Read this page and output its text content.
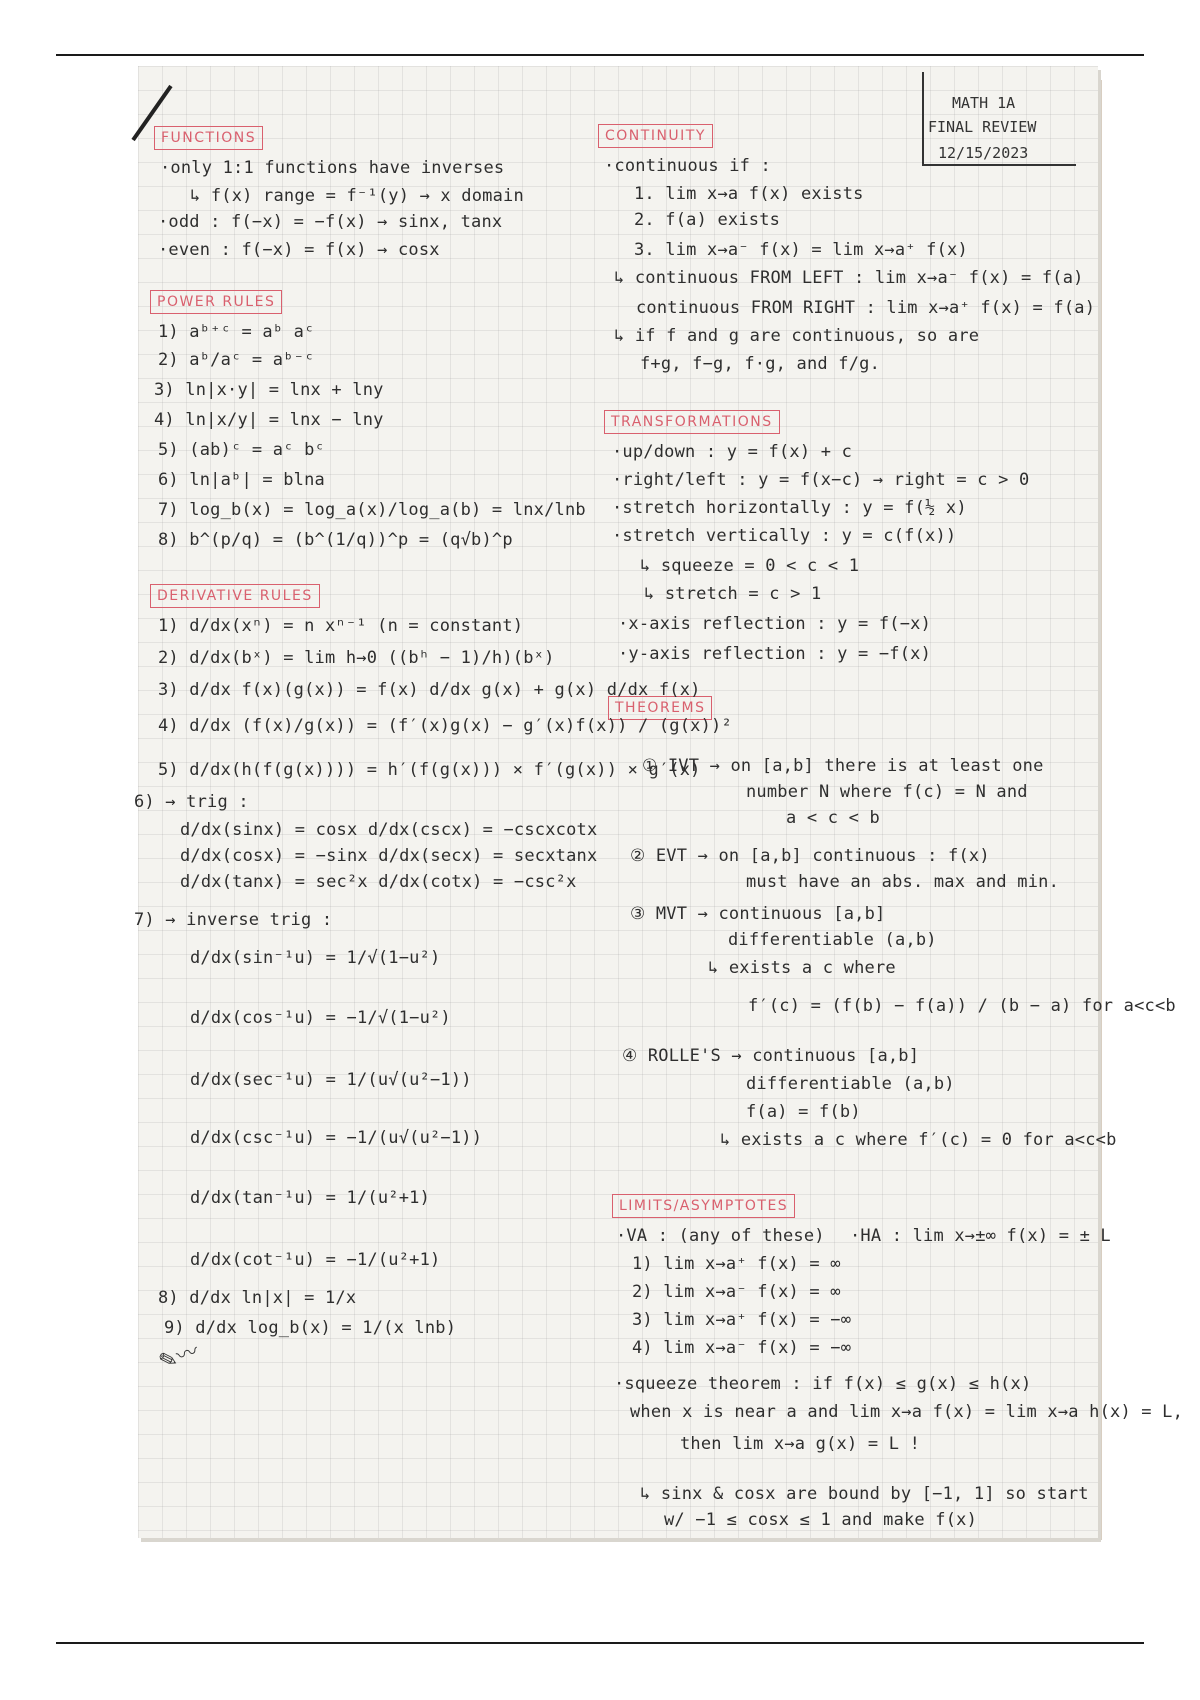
MATH 1A
FINAL REVIEW
12/15/2023
FUNCTIONS
POWER RULES
DERIVATIVE RULES
CONTINUITY
TRANSFORMATIONS
THEOREMS
LIMITS/ASYMPTOTES
·only 1:1 functions have inverses
↳ f(x) range = f⁻¹(y) → x domain
·odd : f(−x) = −f(x) → sinx, tanx
·even : f(−x) = f(x) → cosx
1) aᵇ⁺ᶜ = aᵇ aᶜ
2) aᵇ/aᶜ = aᵇ⁻ᶜ
3) ln|x·y| = lnx + lny
4) ln|x/y| = lnx − lny
5) (ab)ᶜ = aᶜ bᶜ
6) ln|aᵇ| = blna
7) log_b(x) = log_a(x)/log_a(b) = lnx/lnb
8) b^(p/q) = (b^(1/q))^p = (q√b)^p
1) d/dx(xⁿ) = n xⁿ⁻¹ (n = constant)
2) d/dx(bˣ) = lim h→0 ((bʰ − 1)/h)(bˣ)
3) d/dx f(x)(g(x)) = f(x) d/dx g(x) + g(x) d/dx f(x)
4) d/dx (f(x)/g(x)) = (f′(x)g(x) − g′(x)f(x)) / (g(x))²
5) d/dx(h(f(g(x)))) = h′(f(g(x))) × f′(g(x)) × g′(x)
6) → trig :
d/dx(sinx) = cosx d/dx(cscx) = −cscxcotx
d/dx(cosx) = −sinx d/dx(secx) = secxtanx
d/dx(tanx) = sec²x d/dx(cotx) = −csc²x
7) → inverse trig :
d/dx(sin⁻¹u) = 1/√(1−u²)
d/dx(cos⁻¹u) = −1/√(1−u²)
d/dx(sec⁻¹u) = 1/(u√(u²−1))
d/dx(csc⁻¹u) = −1/(u√(u²−1))
d/dx(tan⁻¹u) = 1/(u²+1)
d/dx(cot⁻¹u) = −1/(u²+1)
8) d/dx ln|x| = 1/x
9) d/dx log_b(x) = 1/(x lnb)
✎〰
·continuous if :
1. lim x→a f(x) exists
2. f(a) exists
3. lim x→a⁻ f(x) = lim x→a⁺ f(x)
↳ continuous FROM LEFT : lim x→a⁻ f(x) = f(a)
continuous FROM RIGHT : lim x→a⁺ f(x) = f(a)
↳ if f and g are continuous, so are
f+g, f−g, f·g, and f/g.
·up/down : y = f(x) + c
·right/left : y = f(x−c) → right = c > 0
·stretch horizontally : y = f(½ x)
·stretch vertically : y = c(f(x))
↳ squeeze = 0 < c < 1
↳ stretch = c > 1
·x-axis reflection : y = f(−x)
·y-axis reflection : y = −f(x)
① IVT → on [a,b] there is at least one
number N where f(c) = N and
a < c < b
② EVT → on [a,b] continuous : f(x)
must have an abs. max and min.
③ MVT → continuous [a,b]
differentiable (a,b)
↳ exists a c where
f′(c) = (f(b) − f(a)) / (b − a) for a<c<b
④ ROLLE'S → continuous [a,b]
differentiable (a,b)
f(a) = f(b)
↳ exists a c where f′(c) = 0 for a<c<b
·VA : (any of these) ·HA : lim x→±∞ f(x) = ± L
1) lim x→a⁺ f(x) = ∞
2) lim x→a⁻ f(x) = ∞
3) lim x→a⁺ f(x) = −∞
4) lim x→a⁻ f(x) = −∞
·squeeze theorem : if f(x) ≤ g(x) ≤ h(x)
when x is near a and lim x→a f(x) = lim x→a h(x) = L,
then lim x→a g(x) = L !
↳ sinx & cosx are bound by [−1, 1] so start
w/ −1 ≤ cosx ≤ 1 and make f(x)
